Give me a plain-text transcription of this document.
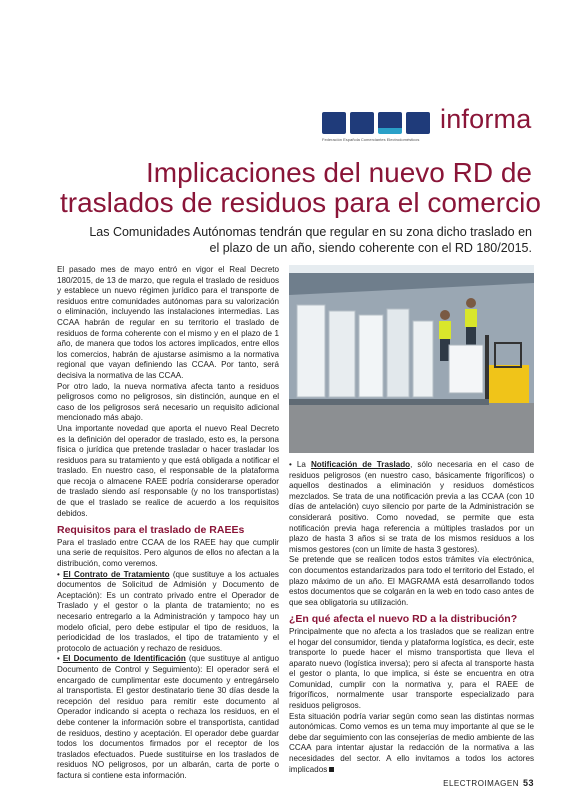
Federación Española Comerciantes Electrodomésticos
informa
Implicaciones del nuevo RD de
traslados de residuos para el comercio
Las Comunidades Autónomas tendrán que regular en su zona dicho traslado en el plazo de un año, siendo coherente con el RD 180/2015.

El pasado mes de mayo entró en vigor el Real Decreto 180/2015, de 13 de marzo, que regula el traslado de residuos y establece un nuevo régimen jurídico para el transporte de residuos entre comunidades autónomas para su valorización o eliminación, incluyendo las instalaciones intermedias. Las CCAA habrán de regular en su territorio el traslado de residuos de forma coherente con el mismo y en el plazo de 1 año, de manera que todos los actores implicados, entre ellos los comercios, habrán de ajustarse asimismo a la normativa regional que vayan definiendo las CCAA. Por tanto, será decisiva la normativa de las CCAA.

Por otro lado, la nueva normativa afecta tanto a residuos peligrosos como no peligrosos, sin distinción, aunque en el caso de los peligrosos será necesario un requisito adicional mencionado más abajo.

Una importante novedad que aporta el nuevo Real Decreto es la definición del operador de traslado, esto es, la persona física o jurídica que pretende trasladar o hacer trasladar los residuos para su tratamiento y que está obligada a notificar el traslado. En nuestro caso, el responsable de la plataforma que recoja o almacene RAEE podría considerarse operador de traslado siendo así responsable (y no los transportistas) de que el traslado se realice de acuerdo a los requisitos debidos.

Requisitos para el traslado de RAEEs

Para el traslado entre CCAA de los RAEE hay que cumplir una serie de requisitos. Pero algunos de ellos no afectan a la distribución, como veremos.

• El Contrato de Tratamiento (que sustituye a los actuales documentos de Solicitud de Admisión y Documento de Aceptación): Es un contrato privado entre el Operador de Traslado y el gestor o la planta de tratamiento; no es necesario entregarlo a la Administración y tampoco hay un modelo oficial, pero debe estipular el tipo de residuos, la periodicidad de los traslados, el tipo de tratamiento y el protocolo de actuación y rechazo de residuos.

• El Documento de Identificación (que sustituye al antiguo Documento de Control y Seguimiento): El operador será el encargado de cumplimentar este documento y entregárselo al transportista. El gestor destinatario tiene 30 días desde la recepción del residuo para remitir este documento al Operador indicando si acepta o rechaza los residuos, en el debe contener la información sobre el transportista, cantidad de residuos, destino y aceptación. El operador debe guardar todos los documentos firmados por el receptor de los traslados efectuados. Puede sustituirse en los traslados de residuos NO peligrosos, por un albarán, carta de porte o factura si contiene esta información.

• La Notificación de Traslado, sólo necesaria en el caso de residuos peligrosos (en nuestro caso, básicamente frigoríficos) o aquellos destinados a eliminación y residuos domésticos mezclados. Se trata de una notificación previa a las CCAA (con 10 días de antelación) cuyo silencio por parte de la Administración se considerará positivo. Como novedad, se permite que esta notificación previa haga referencia a múltiples traslados por un plazo de hasta 3 años si se trata de los mismos residuos a los mismos gestores (con un límite de hasta 3 gestores).

Se pretende que se realicen todos estos trámites vía electrónica, con documentos estandarizados para todo el territorio del Estado, el plazo máximo de un año. El MAGRAMA está desarrollando todos estos documentos que se colgarán en la web en todo caso antes de que sea obligatoria su utilización.

¿En qué afecta el nuevo RD a la distribución?

Principalmente que no afecta a los traslados que se realizan entre el hogar del consumidor, tienda y plataforma logística, es decir, este transporte lo puede hacer el mismo transportista que lleva el aparato nuevo (logística inversa); pero si afecta al transporte hasta el gestor o planta, lo que implica, si éste se encuentra en otra Comunidad, cumplir con la normativa y, para el RAEE de frigoríficos, normalmente usar transporte especializado para residuos peligrosos.

Esta situación podría variar según como sean las distintas normas autonómicas. Como vemos es un tema muy importante al que se le debe dar seguimiento con las consejerías de medio ambiente de las CCAA para intentar ajustar la redacción de la normativa a las necesidades del sector. A ello invitamos a todos los actores implicados

ELECTROIMAGEN 53
